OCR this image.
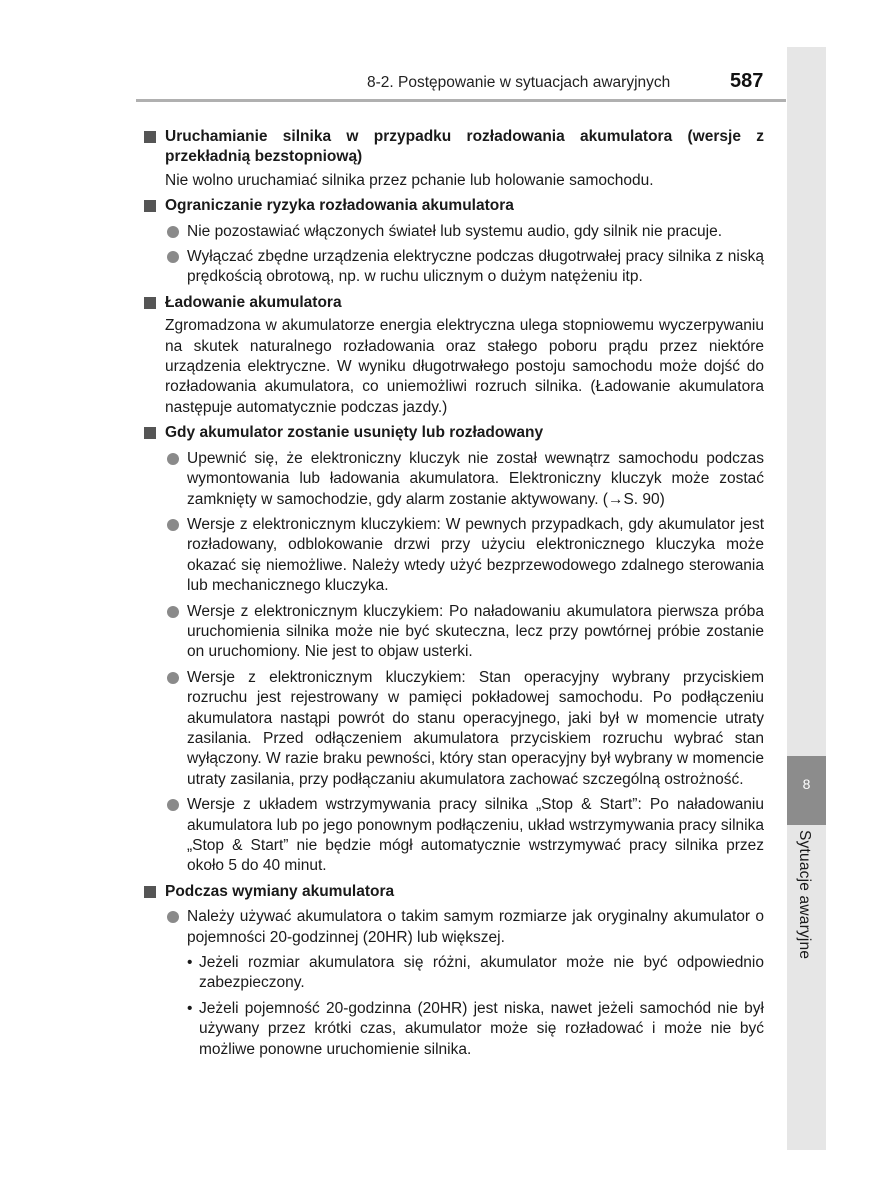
8
Sytuacje awaryjne
8-2. Postępowanie w sytuacjach awaryjnych	587
Uruchamianie silnika w przypadku rozładowania akumulatora (wersje z przekładnią bezstopniową)
Nie wolno uruchamiać silnika przez pchanie lub holowanie samochodu.
Ograniczanie ryzyka rozładowania akumulatora
Nie pozostawiać włączonych świateł lub systemu audio, gdy silnik nie pracuje.
Wyłączać zbędne urządzenia elektryczne podczas długotrwałej pracy silnika z niską prędkością obrotową, np. w ruchu ulicznym o dużym natężeniu itp.
Ładowanie akumulatora
Zgromadzona w akumulatorze energia elektryczna ulega stopniowemu wyczerpywaniu na skutek naturalnego rozładowania oraz stałego poboru prądu przez niektóre urządzenia elektryczne. W wyniku długotrwałego postoju samochodu może dojść do rozładowania akumulatora, co uniemożliwi rozruch silnika. (Ładowanie akumulatora następuje automatycznie podczas jazdy.)
Gdy akumulator zostanie usunięty lub rozładowany
Upewnić się, że elektroniczny kluczyk nie został wewnątrz samochodu podczas wymontowania lub ładowania akumulatora. Elektroniczny kluczyk może zostać zamknięty w samochodzie, gdy alarm zostanie aktywowany. (→S. 90)
Wersje z elektronicznym kluczykiem: W pewnych przypadkach, gdy akumulator jest rozładowany, odblokowanie drzwi przy użyciu elektronicznego kluczyka może okazać się niemożliwe. Należy wtedy użyć bezprzewodowego zdalnego sterowania lub mechanicznego kluczyka.
Wersje z elektronicznym kluczykiem: Po naładowaniu akumulatora pierwsza próba uruchomienia silnika może nie być skuteczna, lecz przy powtórnej próbie zostanie on uruchomiony. Nie jest to objaw usterki.
Wersje z elektronicznym kluczykiem: Stan operacyjny wybrany przyciskiem rozruchu jest rejestrowany w pamięci pokładowej samochodu. Po podłączeniu akumulatora nastąpi powrót do stanu operacyjnego, jaki był w momencie utraty zasilania. Przed odłączeniem akumulatora przyciskiem rozruchu wybrać stan wyłączony. W razie braku pewności, który stan operacyjny był wybrany w momencie utraty zasilania, przy podłączaniu akumulatora zachować szczególną ostrożność.
Wersje z układem wstrzymywania pracy silnika „Stop & Start”: Po naładowaniu akumulatora lub po jego ponownym podłączeniu, układ wstrzymywania pracy silnika „Stop & Start” nie będzie mógł automatycznie wstrzymywać pracy silnika przez około 5 do 40 minut.
Podczas wymiany akumulatora
Należy używać akumulatora o takim samym rozmiarze jak oryginalny akumulator o pojemności 20-godzinnej (20HR) lub większej.
• Jeżeli rozmiar akumulatora się różni, akumulator może nie być odpowiednio zabezpieczony.
• Jeżeli pojemność 20-godzinna (20HR) jest niska, nawet jeżeli samochód nie był używany przez krótki czas, akumulator może się rozładować i może nie być możliwe ponowne uruchomienie silnika.
